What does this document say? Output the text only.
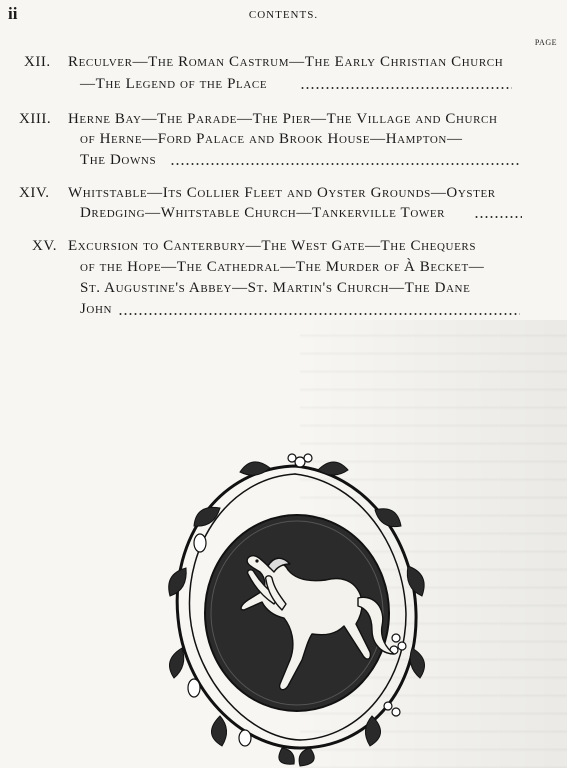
ii	CONTENTS.
PAGE
XII. Reculver—The Roman Castrum—The Early Christian Church
—The Legend of the Place
XIII. Herne Bay—The Parade—The Pier—The Village and Church
of Herne—Ford Palace and Brook House—Hampton—
The Downs
XIV. Whitstable—Its Collier Fleet and Oyster Grounds—Oyster
Dredging—Whitstable Church—Tankerville Tower
XV. Excursion to Canterbury—The West Gate—The Chequers
of the Hope—The Cathedral—The Murder of À Becket—
St. Augustine's Abbey—St. Martin's Church—The Dane
John
